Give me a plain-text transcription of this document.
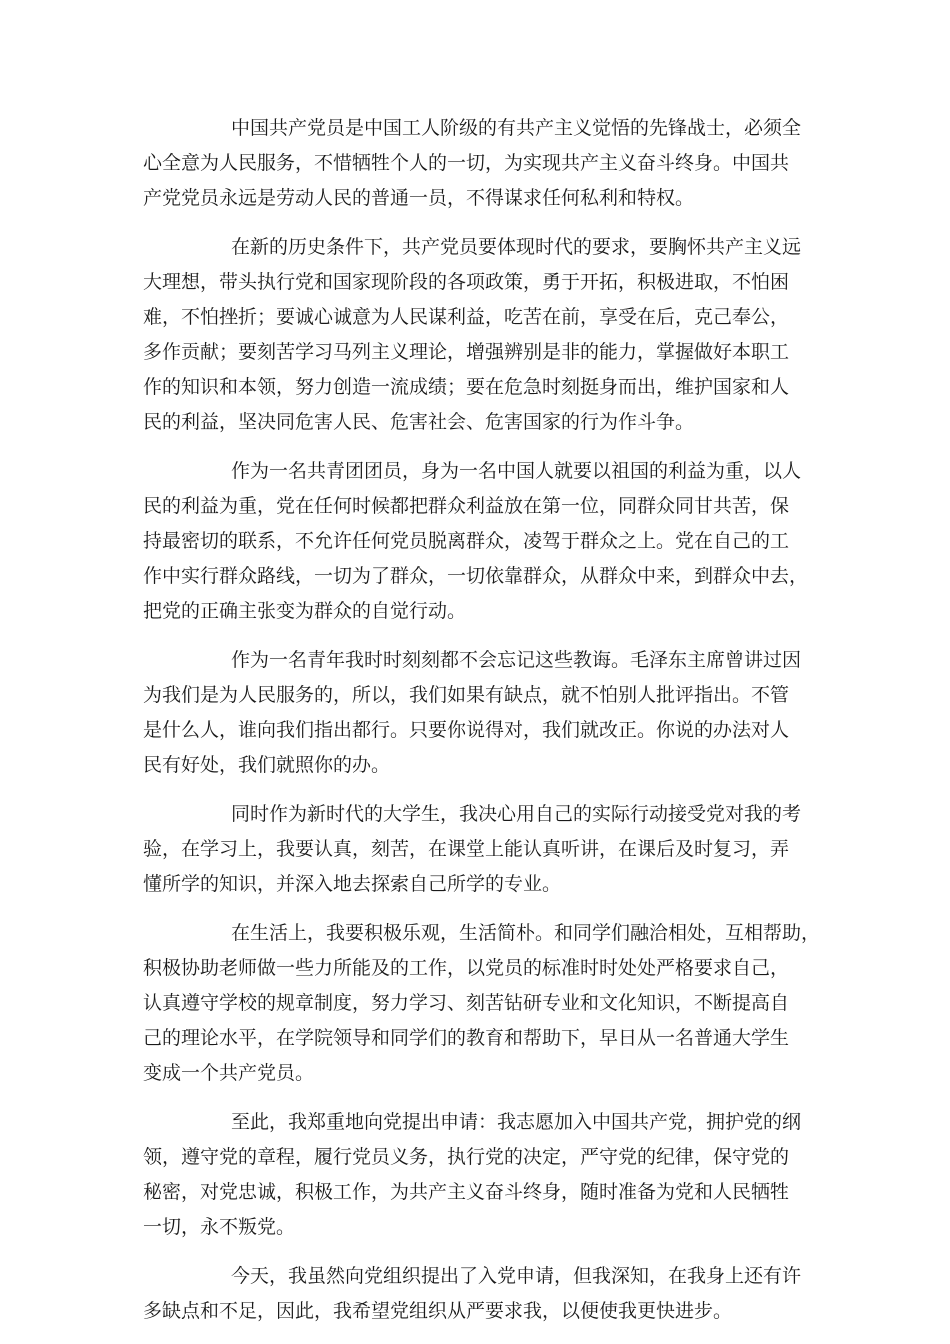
中国共产党员是中国工人阶级的有共产主义觉悟的先锋战士，必须全
心全意为人民服务，不惜牺牲个人的一切，为实现共产主义奋斗终身。中国共
产党党员永远是劳动人民的普通一员，不得谋求任何私利和特权。

在新的历史条件下，共产党员要体现时代的要求，要胸怀共产主义远
大理想，带头执行党和国家现阶段的各项政策，勇于开拓，积极进取，不怕困
难，不怕挫折；要诚心诚意为人民谋利益，吃苦在前，享受在后，克己奉公，
多作贡献；要刻苦学习马列主义理论，增强辨别是非的能力，掌握做好本职工
作的知识和本领，努力创造一流成绩；要在危急时刻挺身而出，维护国家和人
民的利益，坚决同危害人民、危害社会、危害国家的行为作斗争。

作为一名共青团团员，身为一名中国人就要以祖国的利益为重，以人
民的利益为重，党在任何时候都把群众利益放在第一位，同群众同甘共苦，保
持最密切的联系，不允许任何党员脱离群众，凌驾于群众之上。党在自己的工
作中实行群众路线，一切为了群众，一切依靠群众，从群众中来，到群众中去，
把党的正确主张变为群众的自觉行动。

作为一名青年我时时刻刻都不会忘记这些教诲。毛泽东主席曾讲过因
为我们是为人民服务的，所以，我们如果有缺点，就不怕别人批评指出。不管
是什么人，谁向我们指出都行。只要你说得对，我们就改正。你说的办法对人
民有好处，我们就照你的办。

同时作为新时代的大学生，我决心用自己的实际行动接受党对我的考
验，在学习上，我要认真，刻苦，在课堂上能认真听讲，在课后及时复习，弄
懂所学的知识，并深入地去探索自己所学的专业。

在生活上，我要积极乐观，生活简朴。和同学们融洽相处，互相帮助，
积极协助老师做一些力所能及的工作，以党员的标准时时处处严格要求自己，
认真遵守学校的规章制度，努力学习、刻苦钻研专业和文化知识，不断提高自
己的理论水平，在学院领导和同学们的教育和帮助下，早日从一名普通大学生
变成一个共产党员。

至此，我郑重地向党提出申请：我志愿加入中国共产党，拥护党的纲
领，遵守党的章程，履行党员义务，执行党的决定，严守党的纪律，保守党的
秘密，对党忠诚，积极工作，为共产主义奋斗终身，随时准备为党和人民牺牲
一切，永不叛党。

今天，我虽然向党组织提出了入党申请，但我深知，在我身上还有许
多缺点和不足，因此，我希望党组织从严要求我，以便使我更快进步。
